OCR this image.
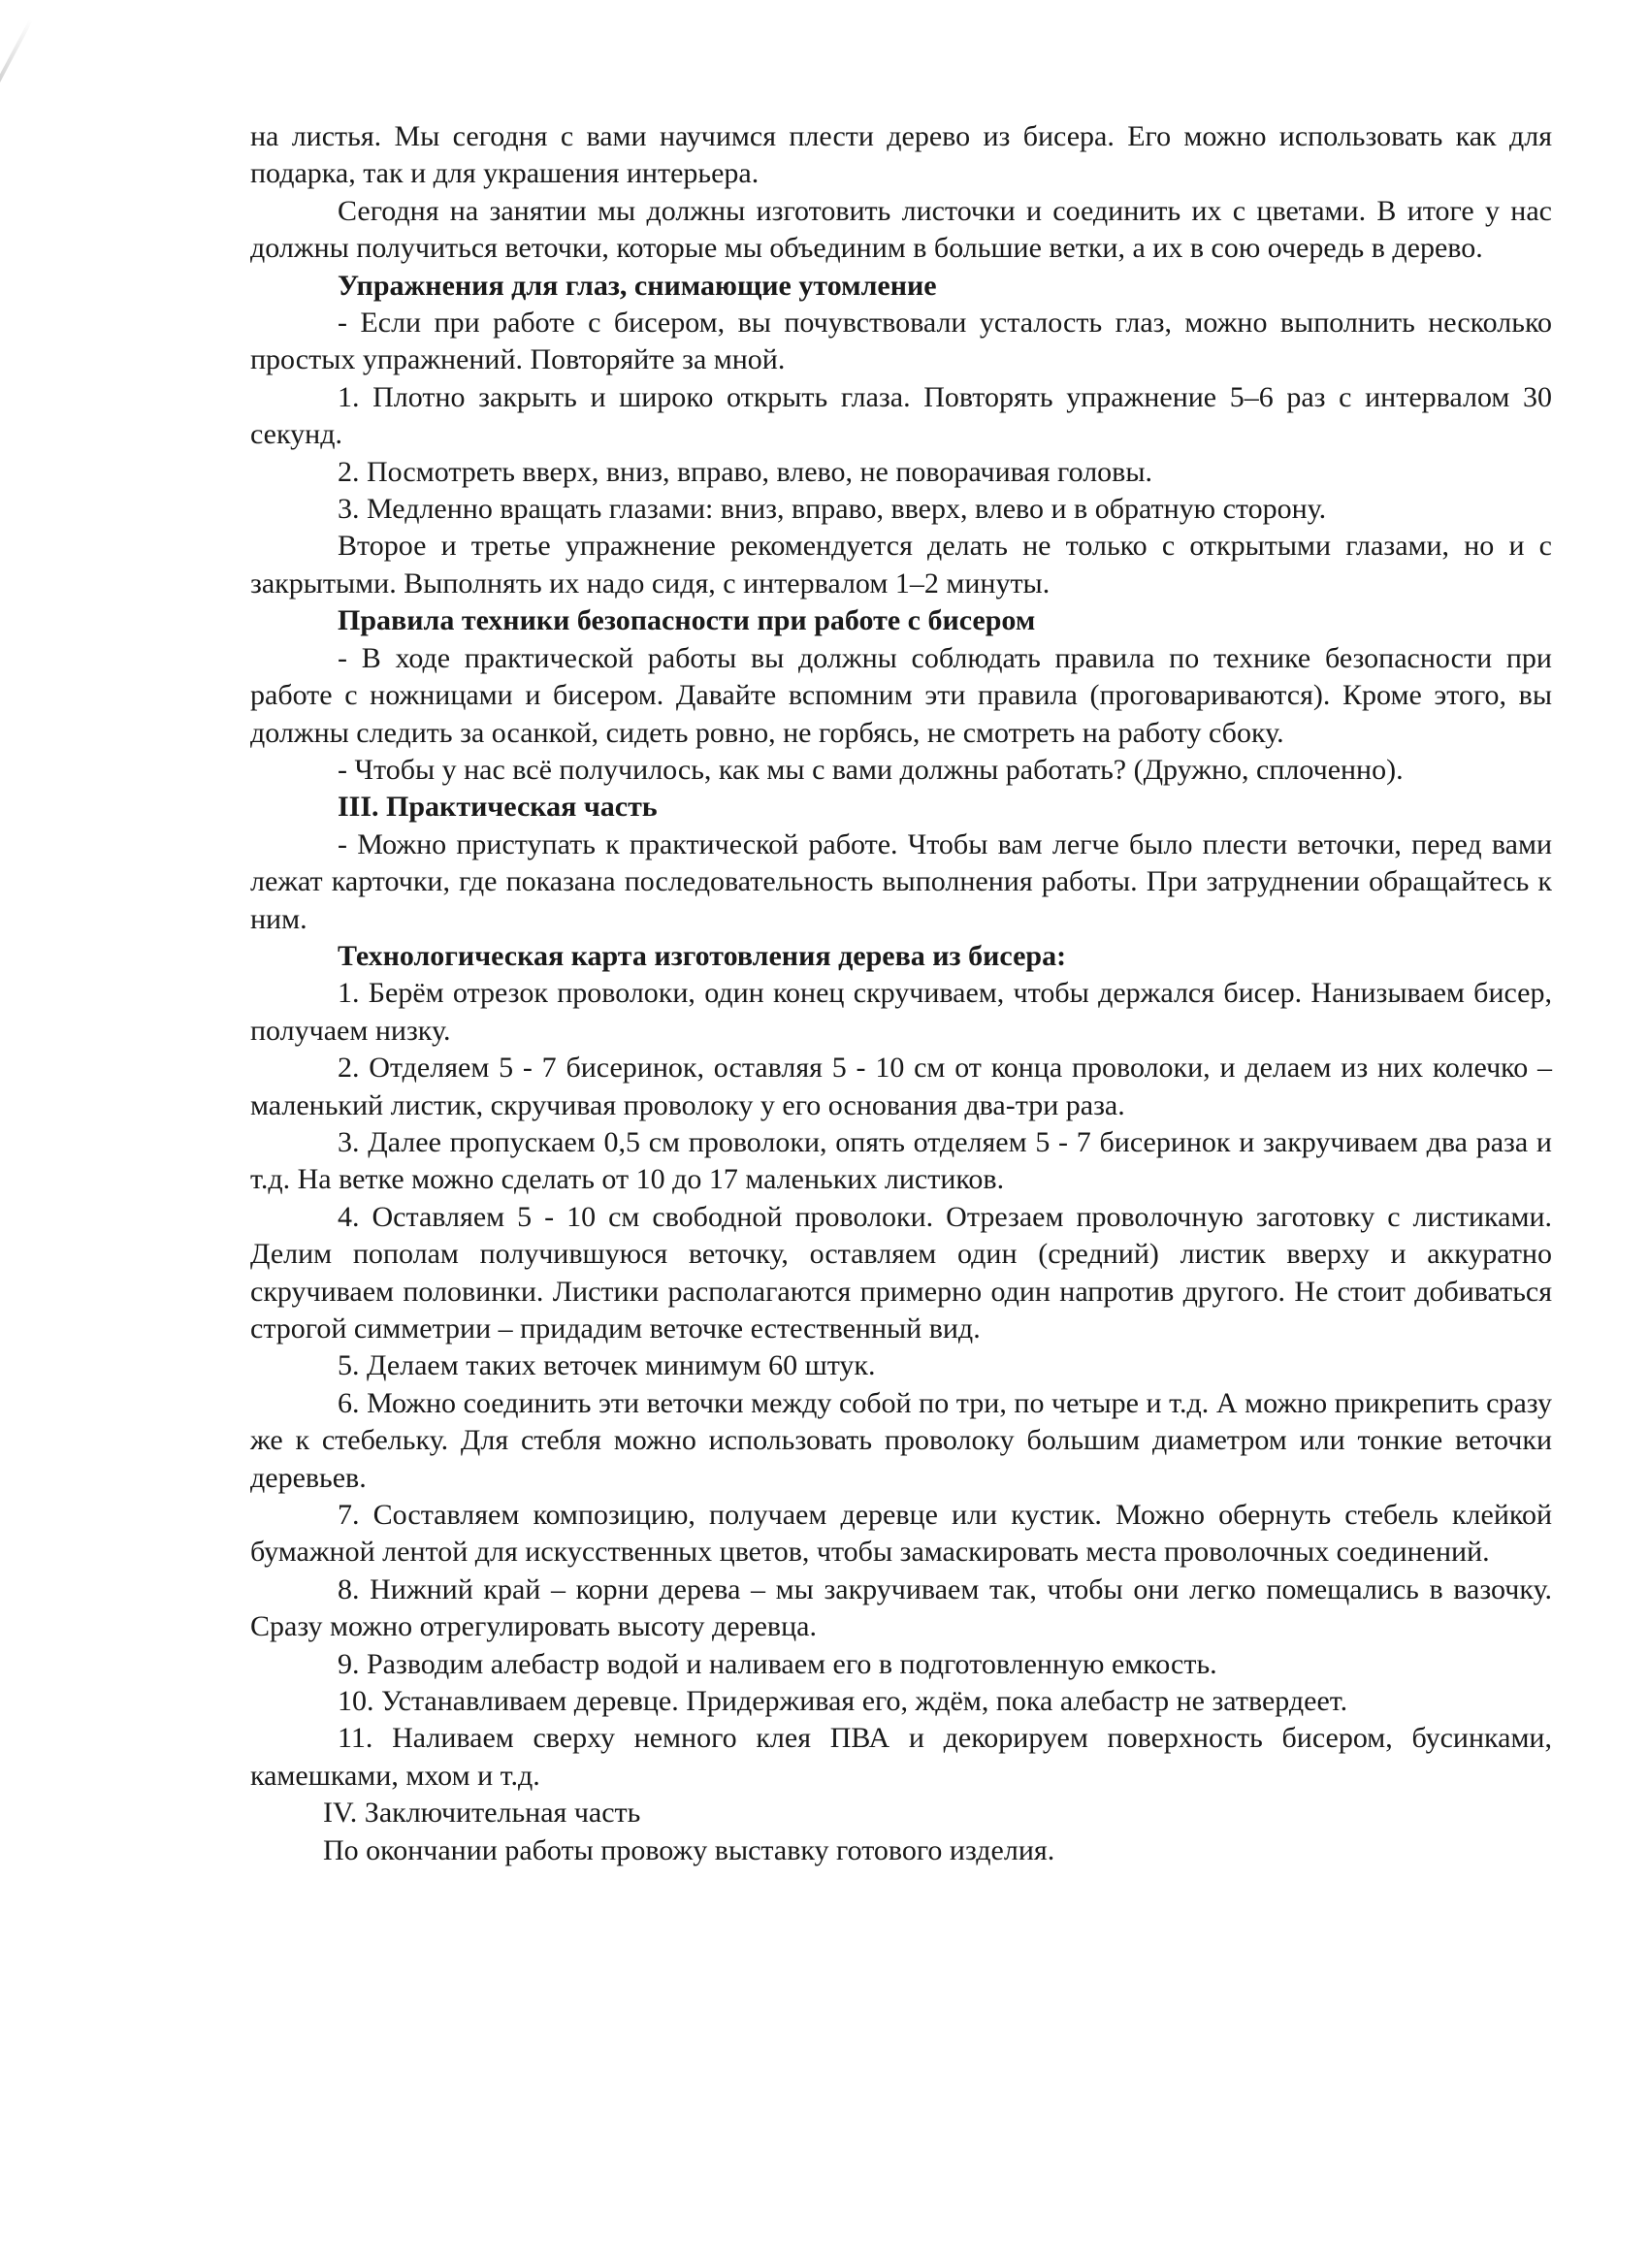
на листья. Мы сегодня с вами научимся плести дерево из бисера. Его можно использовать как для подарка, так и для украшения интерьера.

Сегодня на занятии мы должны изготовить листочки и соединить их с цветами. В итоге у нас должны получиться веточки, которые мы объединим в большие ветки, а их в сою очередь в дерево.

Упражнения для глаз, снимающие утомление

- Если при работе с бисером, вы почувствовали усталость глаз, можно выполнить несколько простых упражнений. Повторяйте за мной.

1. Плотно закрыть и широко открыть глаза. Повторять упражнение 5–6 раз с интервалом 30 секунд.

2. Посмотреть вверх, вниз, вправо, влево, не поворачивая головы.

3. Медленно вращать глазами: вниз, вправо, вверх, влево и в обратную сторону.

Второе и третье упражнение рекомендуется делать не только с открытыми глазами, но и с закрытыми. Выполнять их надо сидя, с интервалом 1–2 минуты.

Правила техники безопасности при работе с бисером

- В ходе практической работы вы должны соблюдать правила по технике безопасности при работе с ножницами и бисером. Давайте вспомним эти правила (проговариваются). Кроме этого, вы должны следить за осанкой, сидеть ровно, не горбясь, не смотреть на работу сбоку.

- Чтобы у нас всё получилось, как мы с вами должны работать? (Дружно, сплоченно).

III. Практическая часть

- Можно приступать к практической работе. Чтобы вам легче было плести веточки, перед вами лежат карточки, где показана последовательность выполнения работы. При затруднении обращайтесь к ним.

Технологическая карта изготовления дерева из бисера:

1. Берём отрезок проволоки, один конец скручиваем, чтобы держался бисер. Нанизываем бисер, получаем низку.

2. Отделяем 5 - 7 бисеринок, оставляя 5 - 10 см от конца проволоки, и делаем из них колечко – маленький листик, скручивая проволоку у его основания два-три раза.

3. Далее пропускаем 0,5 см проволоки, опять отделяем 5 - 7 бисеринок и закручиваем два раза и т.д. На ветке можно сделать от 10 до 17 маленьких листиков.

4. Оставляем 5 - 10 см свободной проволоки. Отрезаем проволочную заготовку с листиками. Делим пополам получившуюся веточку, оставляем один (средний) листик вверху и аккуратно скручиваем половинки. Листики располагаются примерно один напротив другого. Не стоит добиваться строгой симметрии – придадим веточке естественный вид.

5. Делаем таких веточек минимум 60 штук.

6. Можно соединить эти веточки между собой по три, по четыре и т.д. А можно прикрепить сразу же к стебельку. Для стебля можно использовать проволоку большим диаметром или тонкие веточки деревьев.

7. Составляем композицию, получаем деревце или кустик. Можно обернуть стебель клейкой бумажной лентой для искусственных цветов, чтобы замаскировать места проволочных соединений.

8. Нижний край – корни дерева – мы закручиваем так, чтобы они легко помещались в вазочку. Сразу можно отрегулировать высоту деревца.

9. Разводим алебастр водой и наливаем его в подготовленную емкость.

10. Устанавливаем деревце. Придерживая его, ждём, пока алебастр не затвердеет.

11. Наливаем сверху немного клея ПВА и декорируем поверхность бисером, бусинками, камешками, мхом и т.д.

IV. Заключительная часть

По окончании работы провожу выставку готового изделия.
